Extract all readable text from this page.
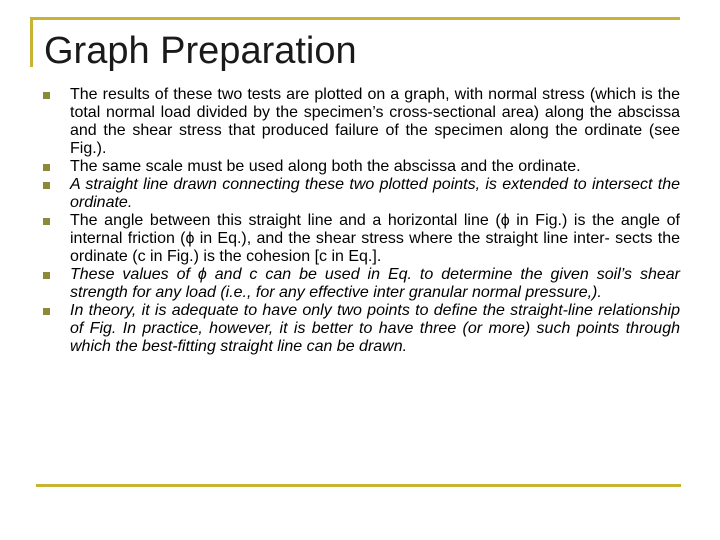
Graph Preparation
The results of these two tests are plotted on a graph, with normal stress (which is the total normal load divided by the specimen’s cross-sectional area) along the abscissa and the shear stress that produced failure of the specimen along the ordinate (see Fig.).
The same scale must be used along both the abscissa and the ordinate.
A straight line drawn connecting these two plotted points, is extended to intersect the ordinate.
The angle between this straight line and a horizontal line (ϕ in Fig.) is the angle of internal friction (ϕ in Eq.), and the shear stress where the straight line inter- sects the ordinate (c in Fig.) is the cohesion [c in Eq.].
These values of ϕ and c can be used in Eq. to determine the given soil’s shear strength for any load (i.e., for any effective inter granular normal pressure,).
In theory, it is adequate to have only two points to define the straight-line relationship of Fig. In practice, however, it is better to have three (or more) such points through which the best-fitting straight line can be drawn.
